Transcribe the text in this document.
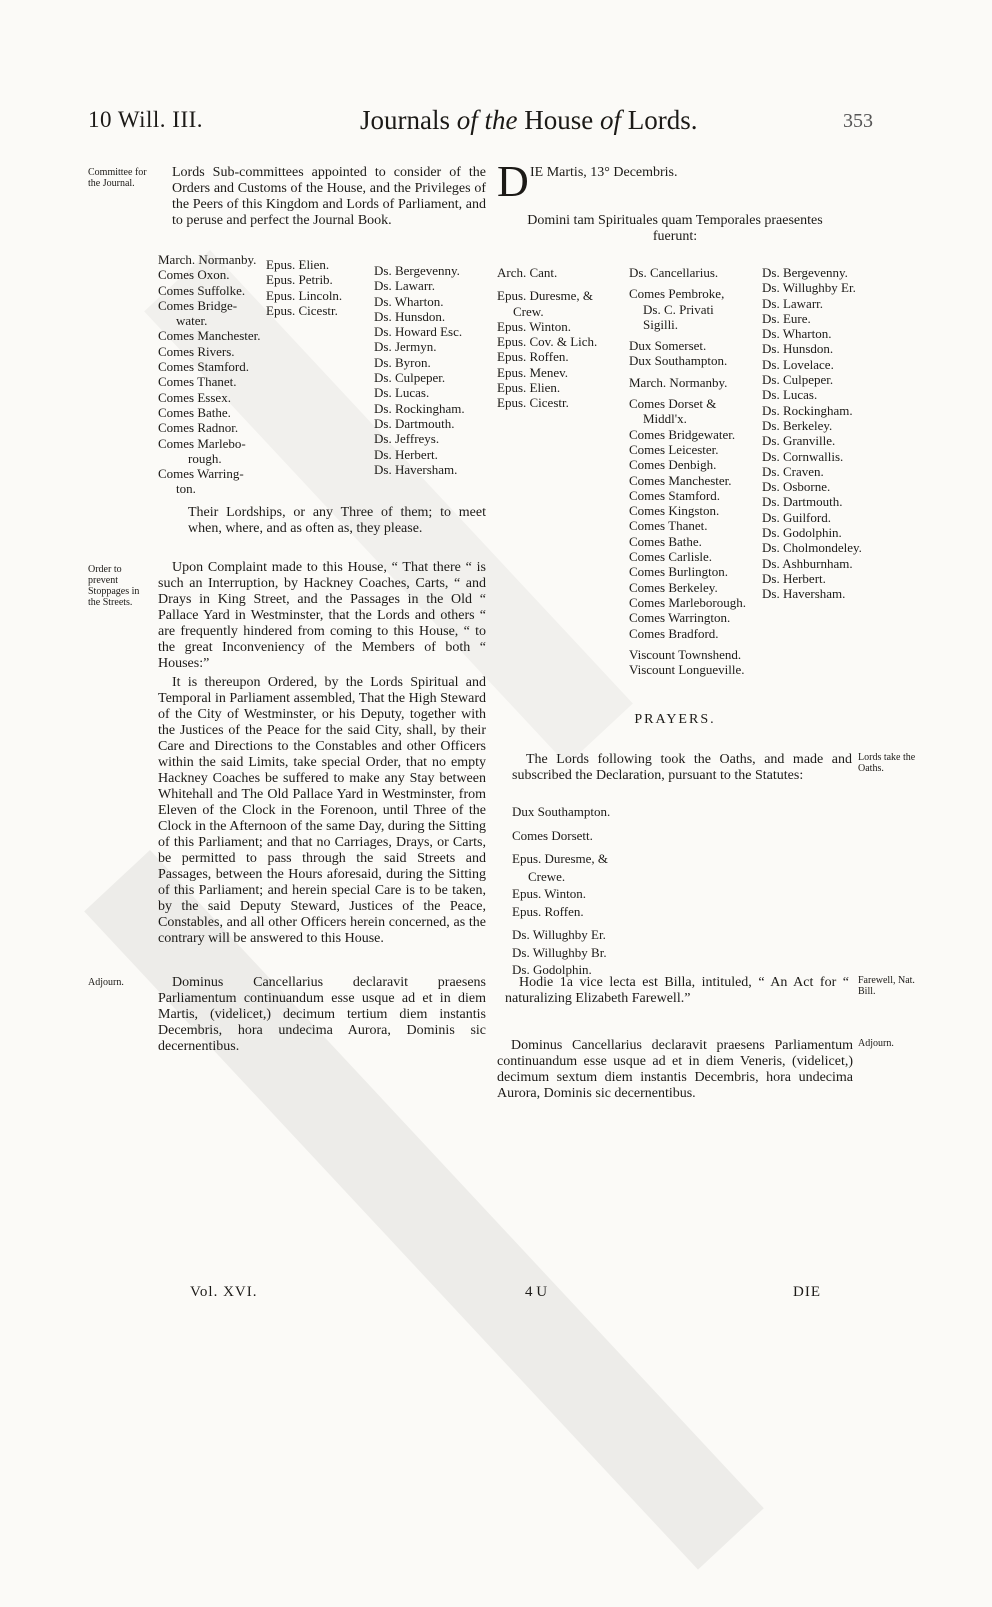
10 Will. III.	Journals of the House of Lords.	353
Committee for the Journal.
Lords Sub-committees appointed to consider of the Orders and Customs of the House, and the Privileges of the Peers of this Kingdom and Lords of Parliament, and to peruse and perfect the Journal Book.
March. Normanby.
Comes Oxon.
Comes Suffolke.
Comes Bridge-
water.
Comes Manchester.
Comes Rivers.
Comes Stamford.
Comes Thanet.
Comes Essex.
Comes Bathe.
Comes Radnor.
Comes Marlebo-
rough.
Comes Warring-
ton.
Epus. Elien.
Epus. Petrib.
Epus. Lincoln.
Epus. Cicestr.
Ds. Bergevenny.
Ds. Lawarr.
Ds. Wharton.
Ds. Hunsdon.
Ds. Howard Esc.
Ds. Jermyn.
Ds. Byron.
Ds. Culpeper.
Ds. Lucas.
Ds. Rockingham.
Ds. Dartmouth.
Ds. Jeffreys.
Ds. Herbert.
Ds. Haversham.
Their Lordships, or any Three of them; to meet when, where, and as often as, they please.
Order to prevent Stoppages in the Streets.
Upon Complaint made to this House, “ That there “ is such an Interruption, by Hackney Coaches, Carts, “ and Drays in King Street, and the Passages in the Old “ Pallace Yard in Westminster, that the Lords and others “ are frequently hindered from coming to this House, “ to the great Inconveniency of the Members of both “ Houses:”
It is thereupon Ordered, by the Lords Spiritual and Temporal in Parliament assembled, That the High Steward of the City of Westminster, or his Deputy, together with the Justices of the Peace for the said City, shall, by their Care and Directions to the Constables and other Officers within the said Limits, take special Order, that no empty Hackney Coaches be suffered to make any Stay between Whitehall and The Old Pallace Yard in Westminster, from Eleven of the Clock in the Forenoon, until Three of the Clock in the Afternoon of the same Day, during the Sitting of this Parliament; and that no Carriages, Drays, or Carts, be permitted to pass through the said Streets and Passages, between the Hours aforesaid, during the Sitting of this Parliament; and herein special Care is to be taken, by the said Deputy Steward, Justices of the Peace, Constables, and all other Officers herein concerned, as the contrary will be answered to this House.
Adjourn.	Dominus Cancellarius declaravit praesens Parliamentum continuandum esse usque ad et in diem Martis, (videlicet,) decimum tertium diem instantis Decembris, hora undecima Aurora, Dominis sic decernentibus.
D IE Martis, 13° Decembris.
Domini tam Spirituales quam Temporales praesentes fuerunt:
Arch. Cant.
Epus. Duresme, &
Crew.
Epus. Winton.
Epus. Cov. & Lich.
Epus. Roffen.
Epus. Menev.
Epus. Elien.
Epus. Cicestr.
Ds. Cancellarius.
Comes Pembroke,
Ds. C. Privati
Sigilli.
Dux Somerset.
Dux Southampton.
March. Normanby.
Comes Dorset &
Middl'x.
Comes Bridgewater.
Comes Leicester.
Comes Denbigh.
Comes Manchester.
Comes Stamford.
Comes Kingston.
Comes Thanet.
Comes Bathe.
Comes Carlisle.
Comes Burlington.
Comes Berkeley.
Comes Marleborough.
Comes Warrington.
Comes Bradford.
Viscount Townshend.
Viscount Longueville.
Ds. Bergevenny.
Ds. Willughby Er.
Ds. Lawarr.
Ds. Eure.
Ds. Wharton.
Ds. Hunsdon.
Ds. Lovelace.
Ds. Culpeper.
Ds. Lucas.
Ds. Rockingham.
Ds. Berkeley.
Ds. Granville.
Ds. Cornwallis.
Ds. Craven.
Ds. Osborne.
Ds. Dartmouth.
Ds. Guilford.
Ds. Godolphin.
Ds. Cholmondeley.
Ds. Ashburnham.
Ds. Herbert.
Ds. Haversham.
PRAYERS.
The Lords following took the Oaths, and made and subscribed the Declaration, pursuant to the Statutes:
Lords take the Oaths.
Dux Southampton.
Comes Dorsett.
Epus. Duresme, &
Crewe.
Epus. Winton.
Epus. Roffen.
Ds. Willughby Er.
Ds. Willughby Br.
Ds. Godolphin.
Hodie 1a vice lecta est Billa, intituled, “ An Act for “ naturalizing Elizabeth Farewell.”
Farewell, Nat. Bill.
Dominus Cancellarius declaravit praesens Parliamentum continuandum esse usque ad et in diem Veneris, (videlicet,) decimum sextum diem instantis Decembris, hora undecima Aurora, Dominis sic decernentibus.
Adjourn.
Vol. XVI.	4 U	DIE
